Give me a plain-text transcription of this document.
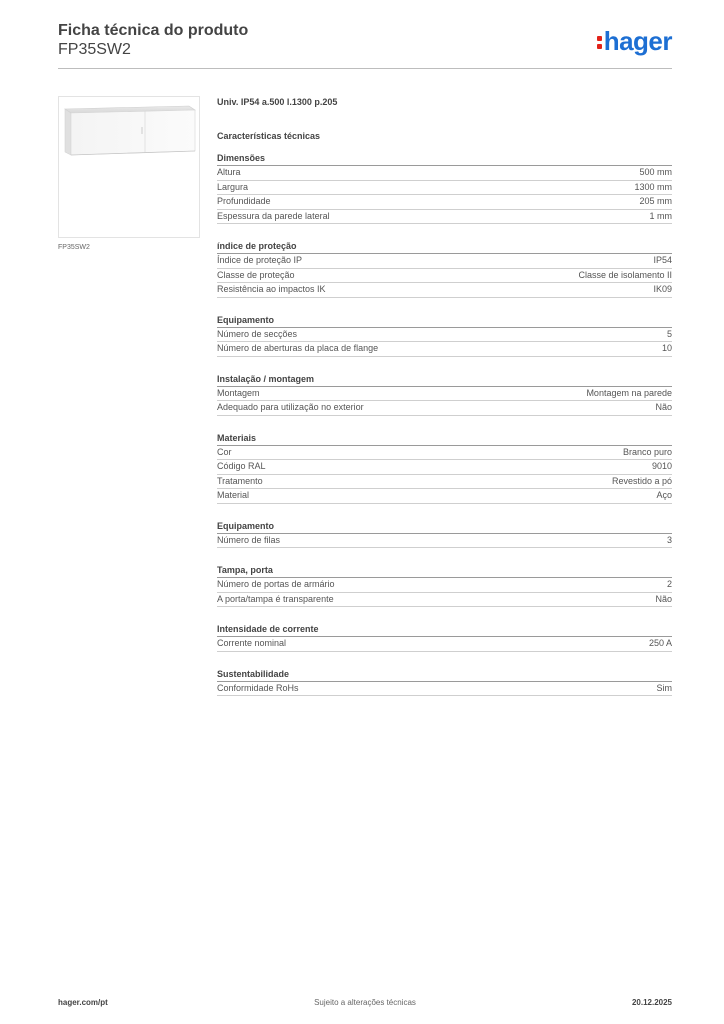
Ficha técnica do produto
FP35SW2	hager
FP35SW2
Univ. IP54 a.500 l.1300 p.205
Características técnicas
Dimensões
Altura	500 mm
Largura	1300 mm
Profundidade	205 mm
Espessura da parede lateral	1 mm
índice de proteção
Índice de proteção IP	IP54
Classe de proteção	Classe de isolamento II
Resistência ao impactos IK	IK09
Equipamento
Número de secções	5
Número de aberturas da placa de flange	10
Instalação / montagem
Montagem	Montagem na parede
Adequado para utilização no exterior	Não
Materiais
Cor	Branco puro
Código RAL	9010
Tratamento	Revestido a pó
Material	Aço
Equipamento
Número de filas	3
Tampa, porta
Número de portas de armário	2
A porta/tampa é transparente	Não
Intensidade de corrente
Corrente nominal	250 A
Sustentabilidade
Conformidade RoHs	Sim
hager.com/pt	Sujeito a alterações técnicas	20.12.2025
